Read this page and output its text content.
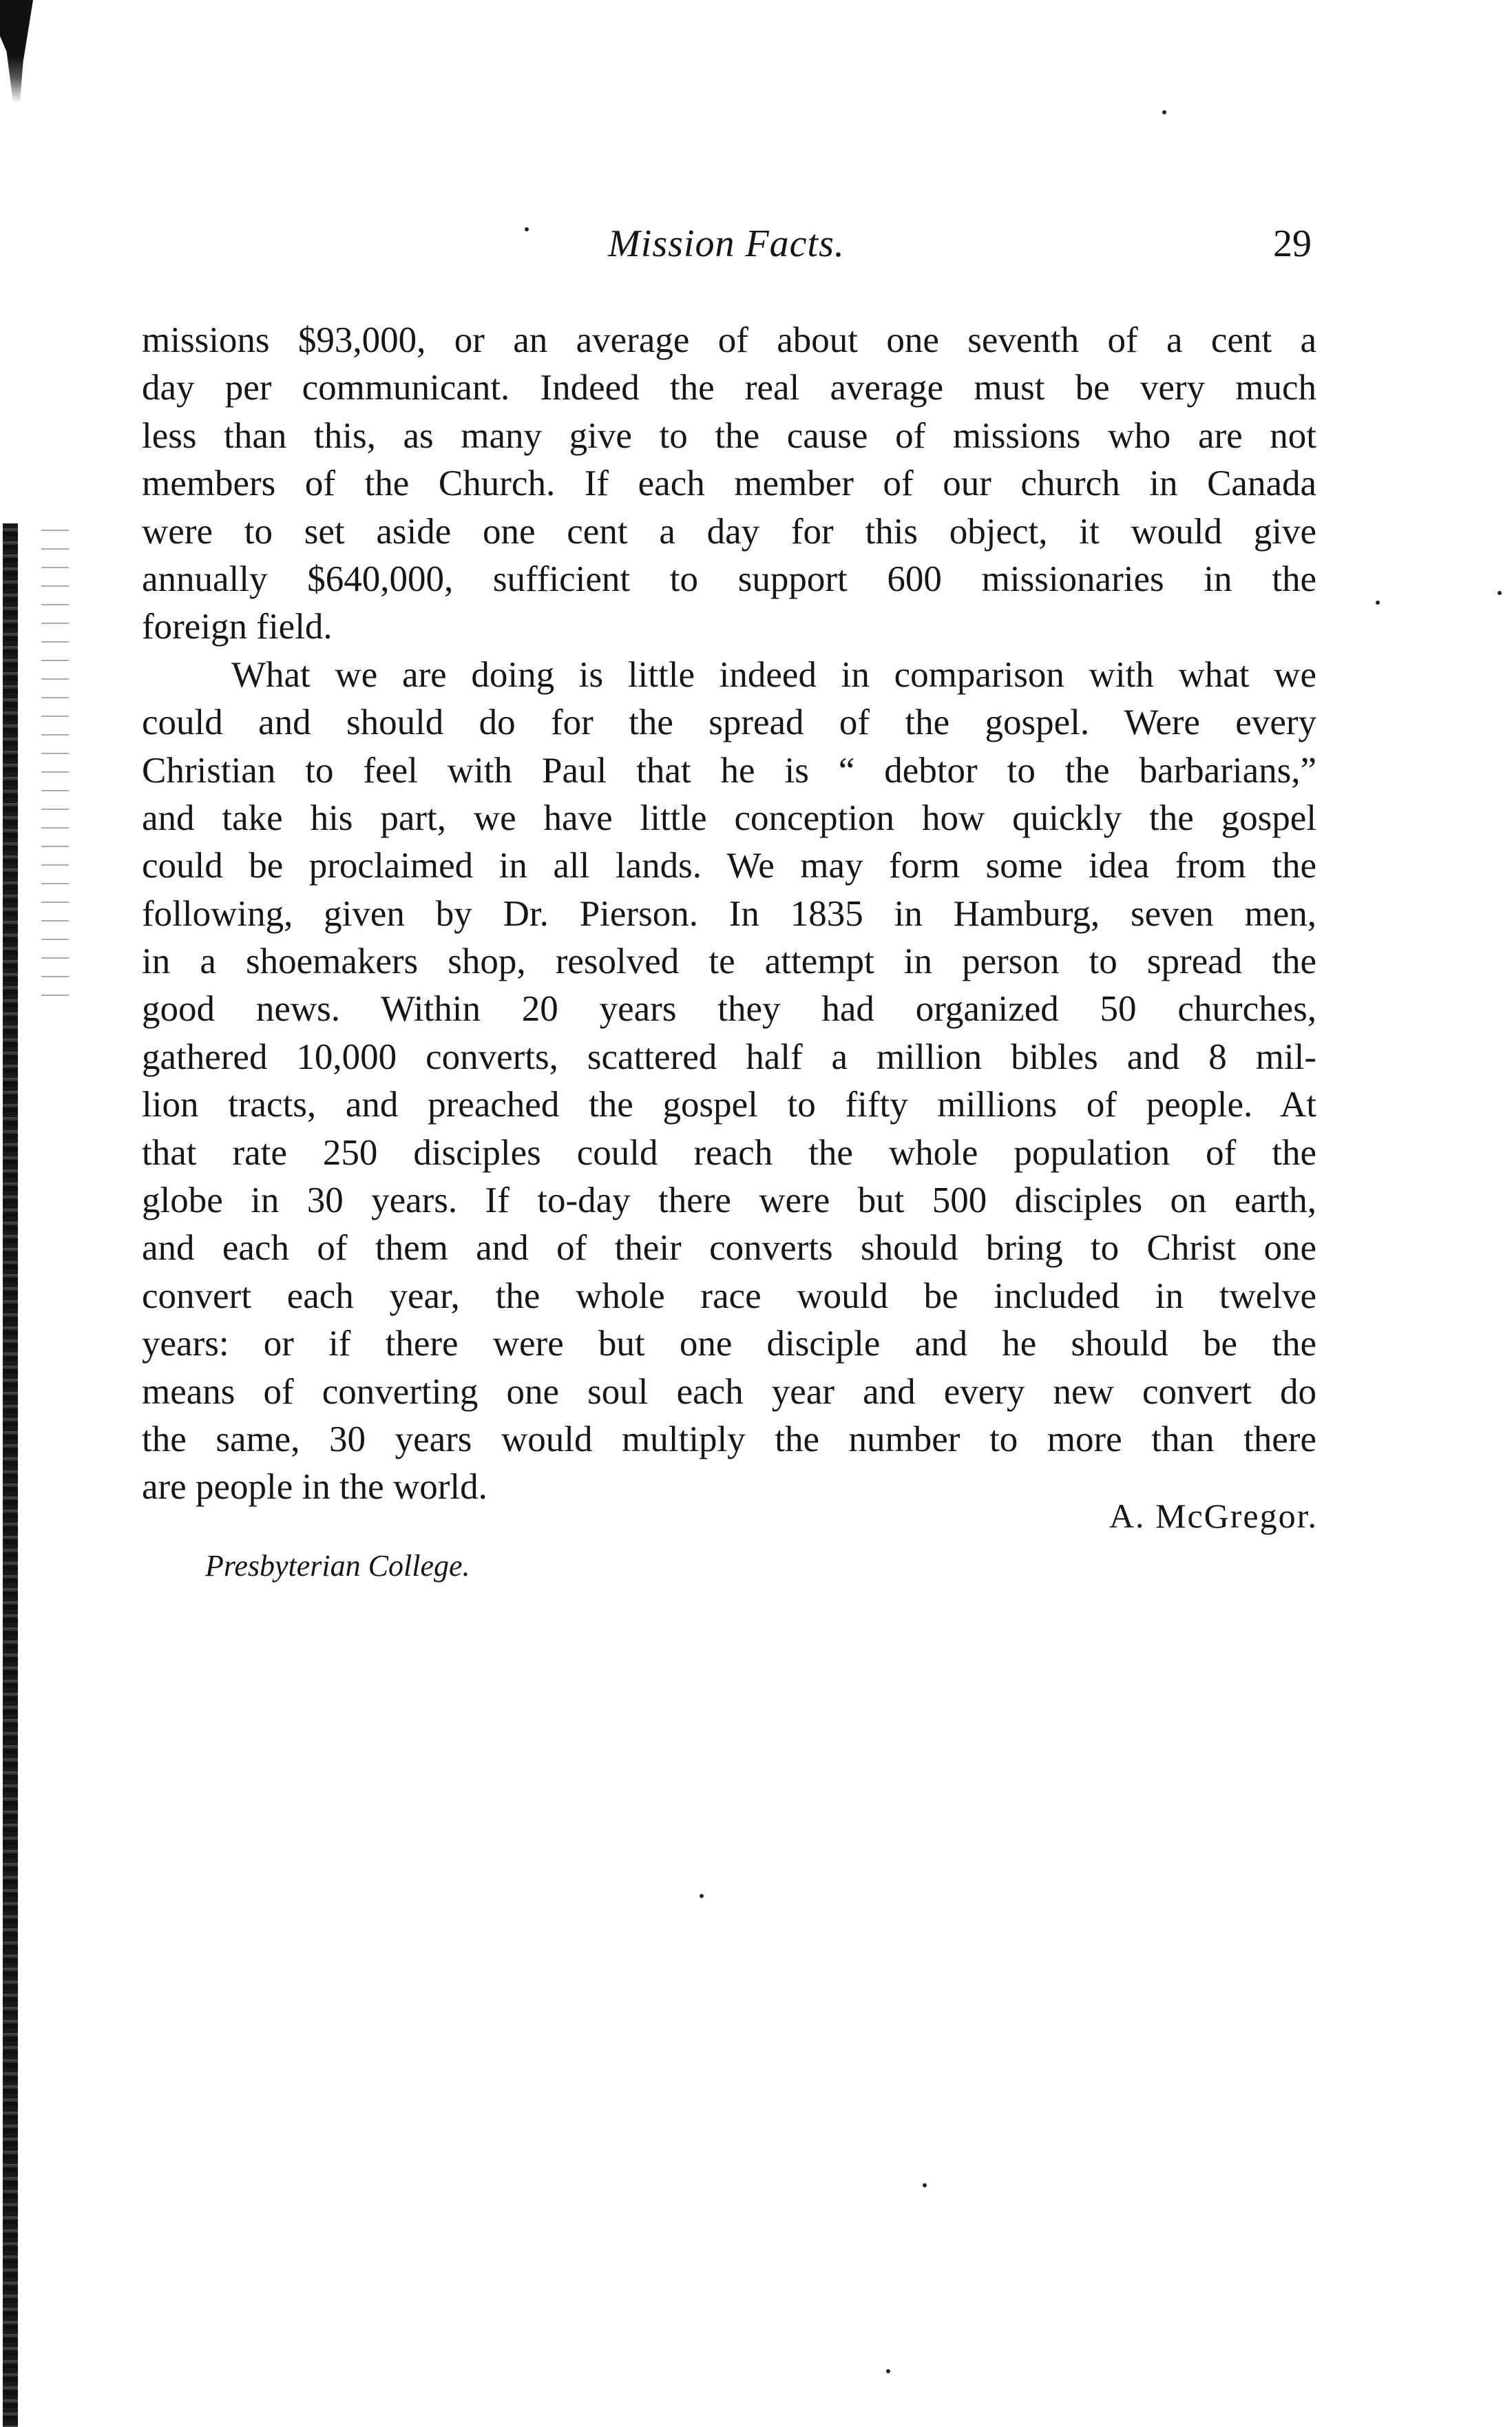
Mission Facts.	29
missions $93,000, or an average of about one seventh of a cent a
day per communicant. Indeed the real average must be very much
less than this, as many give to the cause of missions who are not
members of the Church. If each member of our church in Canada
were to set aside one cent a day for this object, it would give
annually $640,000, sufficient to support 600 missionaries in the
foreign field.
What we are doing is little indeed in comparison with what we
could and should do for the spread of the gospel. Were every
Christian to feel with Paul that he is “ debtor to the barbarians,”
and take his part, we have little conception how quickly the gospel
could be proclaimed in all lands. We may form some idea from the
following, given by Dr. Pierson. In 1835 in Hamburg, seven men,
in a shoemakers shop, resolved te attempt in person to spread the
good news. Within 20 years they had organized 50 churches,
gathered 10,000 converts, scattered half a million bibles and 8 mil-
lion tracts, and preached the gospel to fifty millions of people. At
that rate 250 disciples could reach the whole population of the
globe in 30 years. If to-day there were but 500 disciples on earth,
and each of them and of their converts should bring to Christ one
convert each year, the whole race would be included in twelve
years: or if there were but one disciple and he should be the
means of converting one soul each year and every new convert do
the same, 30 years would multiply the number to more than there
are people in the world.
A. McGregor.
Presbyterian College.
